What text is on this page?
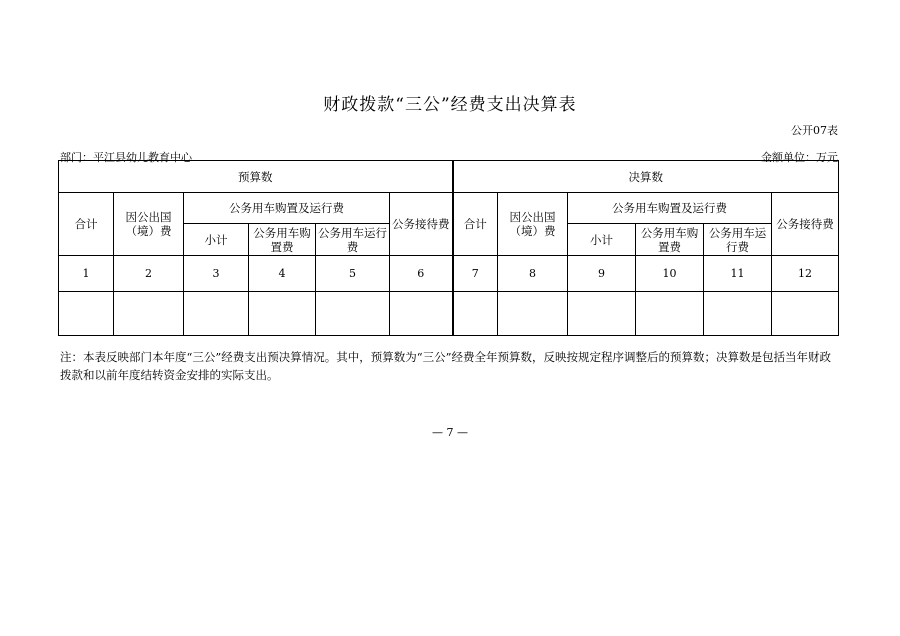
财政拨款“三公”经费支出决算表
公开07表
部门：平江县幼儿教育中心	金额单位：万元
预算数						决算数					
合计	因公出国（境）费	公务用车购置及运行费			公务接待费	合计	因公出国（境）费	公务用车购置及运行费			公务接待费
		小计	公务用车购置费	公务用车运行费				小计	公务用车购置费	公务用车运行费	
1	2	3	4	5	6	7	8	9	10	11	12

注：本表反映部门本年度“三公”经费支出预决算情况。其中，预算数为“三公”经费全年预算数，反映按规定程序调整后的预算数；决算数是包括当年财政拨款和以前年度结转资金安排的实际支出。
— 7 —
